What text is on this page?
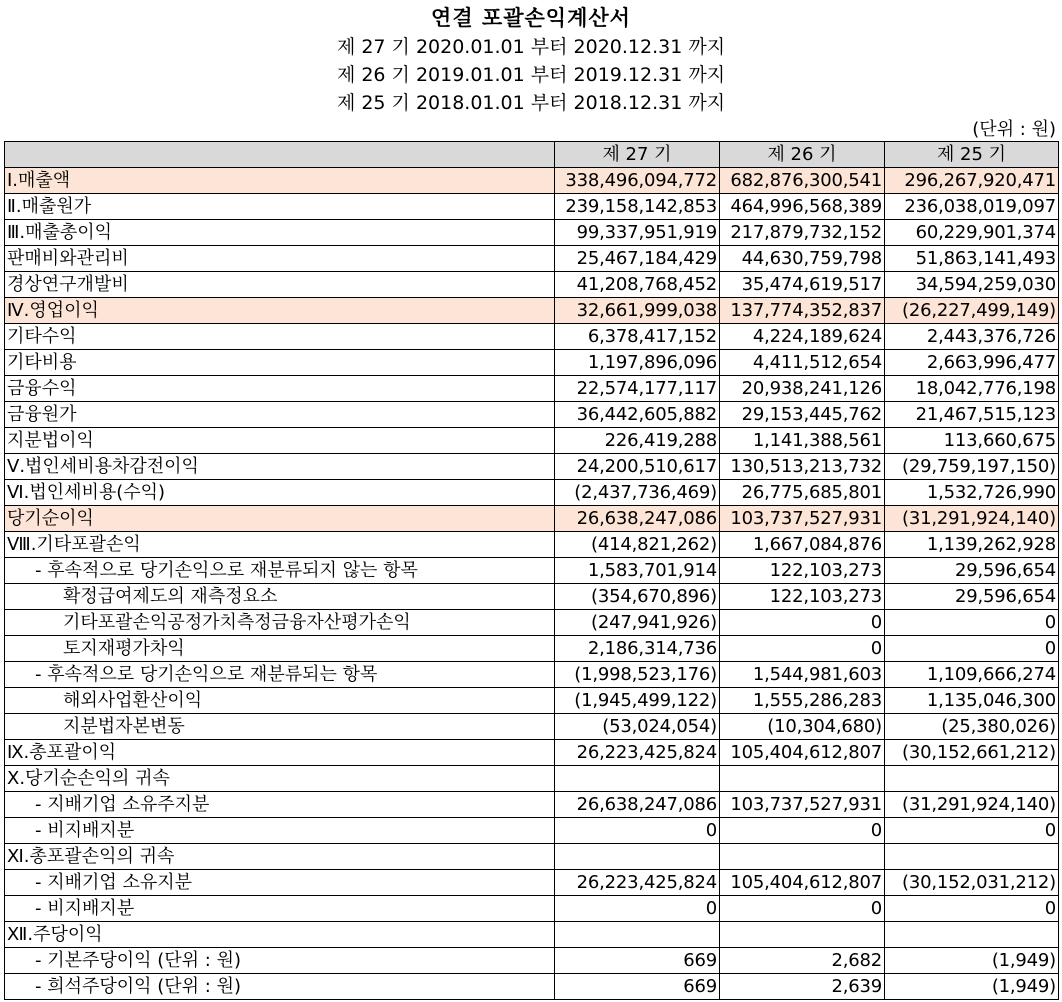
연결 포괄손익계산서
제 27 기 2020.01.01 부터 2020.12.31 까지
제 26 기 2019.01.01 부터 2019.12.31 까지
제 25 기 2018.01.01 부터 2018.12.31 까지
(단위 : 원)
	제 27 기	제 26 기	제 25 기
Ⅰ.매출액	338,496,094,772	682,876,300,541	296,267,920,471
Ⅱ.매출원가	239,158,142,853	464,996,568,389	236,038,019,097
Ⅲ.매출총이익	99,337,951,919	217,879,732,152	60,229,901,374
판매비와관리비	25,467,184,429	44,630,759,798	51,863,141,493
경상연구개발비	41,208,768,452	35,474,619,517	34,594,259,030
Ⅳ.영업이익	32,661,999,038	137,774,352,837	(26,227,499,149)
기타수익	6,378,417,152	4,224,189,624	2,443,376,726
기타비용	1,197,896,096	4,411,512,654	2,663,996,477
금융수익	22,574,177,117	20,938,241,126	18,042,776,198
금융원가	36,442,605,882	29,153,445,762	21,467,515,123
지분법이익	226,419,288	1,141,388,561	113,660,675
Ⅴ.법인세비용차감전이익	24,200,510,617	130,513,213,732	(29,759,197,150)
Ⅵ.법인세비용(수익)	(2,437,736,469)	26,775,685,801	1,532,726,990
당기순이익	26,638,247,086	103,737,527,931	(31,291,924,140)
Ⅷ.기타포괄손익	(414,821,262)	1,667,084,876	1,139,262,928
- 후속적으로 당기손익으로 재분류되지 않는 항목	1,583,701,914	122,103,273	29,596,654
확정급여제도의 재측정요소	(354,670,896)	122,103,273	29,596,654
기타포괄손익공정가치측정금융자산평가손익	(247,941,926)	0	0
토지재평가차익	2,186,314,736	0	0
- 후속적으로 당기손익으로 재분류되는 항목	(1,998,523,176)	1,544,981,603	1,109,666,274
해외사업환산이익	(1,945,499,122)	1,555,286,283	1,135,046,300
지분법자본변동	(53,024,054)	(10,304,680)	(25,380,026)
Ⅸ.총포괄이익	26,223,425,824	105,404,612,807	(30,152,661,212)
Ⅹ.당기순손익의 귀속			
- 지배기업 소유주지분	26,638,247,086	103,737,527,931	(31,291,924,140)
- 비지배지분	0	0	0
Ⅺ.총포괄손익의 귀속			
- 지배기업 소유지분	26,223,425,824	105,404,612,807	(30,152,031,212)
- 비지배지분	0	0	0
Ⅻ.주당이익			
- 기본주당이익 (단위 : 원)	669	2,682	(1,949)
- 희석주당이익 (단위 : 원)	669	2,639	(1,949)
